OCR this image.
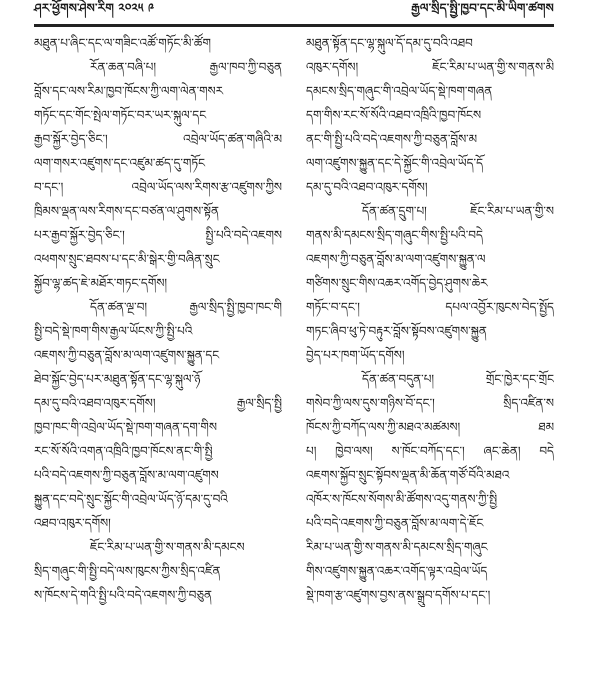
ཤར་ཕྱོགས་ཤེས་རིག ༢༠༢༥ ༩	རྒྱལ་སྲིད་སྤྱི་ཁྱབ་དང་མི་ཡིག་ཚགས
མཐུན་པ་ཞིང་དང་ལ་གཟིང་འཚོ་གཏོང་མི་ཚོག
རོན་ཆན་བཞི་པ། རྒྱལ་ཁབ་ཀྱི་བཅུན
བློས་དང་ལས་རིམ་ཁྱབ་ཁོངས་ཀྱི་ལག་ལེན་གསར
གཏོང་དང་གོང་སྤེལ་གཏོང་བར་ཡར་སྐུལ་དང
རྒྱབ་སྐྱོར་བྱེད་ཅིང་། འབྲེལ་ཡོད་ཚན་གཞིའི་མ
ལག་གསར་འཛུགས་དང་འཛུམ་ཚད་དུ་གཏོང
བ་དང་། འབྲེལ་ཡོད་ལས་རིགས་རྩ་འཛུགས་ཀྱིས
ཁྲིམས་ལྡན་ལས་རིགས་དང་བཙན་ལ་ཤུགས་སྟོན
པར་རྒྱབ་སྐྱོར་བྱེད་ཅིང་། སྤྱི་པའི་བདེ་འཇགས
འཕགས་སྲུང་ཐབས་པ་དང་མི་སྒེར་གྱི་བཞིན་སྲུང
སྐྱོབ་ལྷ་ཚད་ཇེ་མཐོར་གཏང་དགོས།
དོན་ཚན་ལྔ་བ། རྒྱལ་སྲིད་སྤྱི་ཁྱབ་ཁང་གི
སྤྱི་བདེ་སྡེ་ཁག་གིས་རྒྱལ་ཡོངས་ཀྱི་སྤྱི་པའི
འཇགས་ཀྱི་བཅུན་བློས་མ་ལག་འཛུགས་སྐྱུན་དང
ཐེབ་སྐྱོང་བྱེད་པར་མཐུན་སྟོན་དང་ལྷ་སྐུལ་ཉོ
དམ་དུ་བའི་འཐབ་འཁུར་དགོས། རྒྱལ་སྲིད་སྤྱི
ཁྱབ་ཁང་གི་འབྲེལ་ཡོད་སྡེ་ཁག་གཞན་དག་གིས
རང་སོ་སོའི་འགན་འཁྲིའི་ཁྱབ་ཁོངས་ནང་གི་སྤྱི
པའི་བདེ་འཇགས་ཀྱི་བཅུན་བློས་མ་ལག་འཛུགས
སྐྱུན་དང་བདེ་སྲུང་སྐྱོང་གི་འབྲེལ་ཡོད་ཉོ་དམ་དུ་བའི
འཐབ་འཁུར་དགོས།
ཇོང་རིམ་པ་ཡན་གྱི་ས་གནས་མི་དམངས
སྲིད་གཞུང་གི་སྤྱི་བདེ་ལས་ཁུངས་ཀྱིས་སྲིད་འཛིན
ས་ཁོངས་དེ་གའི་སྤྱི་པའི་བདེ་འཇགས་ཀྱི་བཅུན
མཐུན་སྟོན་དང་ལྷ་སྐུལ་དོ་དམ་དུ་བའི་འཐབ
འཁུར་དགོས། ཇོང་རིམ་པ་ཡན་གྱི་ས་གནས་མི
དམངས་སྲིད་གཞུང་གི་འབྲེལ་ཡོད་སྡེ་ཁག་གཞན
དག་གིས་རང་སོ་སོའི་འཐབ་འཁྲིའི་ཁྱབ་ཁོངས
ནང་གི་སྤྱི་པའི་བདེ་འཇགས་ཀྱི་བཅུན་བློས་མ
ལག་འཛུགས་སྐྱུན་དང་དེ་སྐྱོང་གི་འབྲེལ་ཡོད་དོ
དམ་དུ་བའི་འཐབ་འཁུར་དགོས།
དོན་ཚན་དྲུག་པ། ཇོང་རིམ་པ་ཡན་གྱི་ས
གནས་མི་དམངས་སྲིད་གཞུང་གིས་སྤྱི་པའི་བདེ
འཇགས་ཀྱི་བཅུན་བློས་མ་ལག་འཛུགས་སྐྱུན་ལ
གཙིགས་སྲུང་གིས་འཆར་འགོད་བྱེད་ཤུགས་ཆེར
གཏོང་བ་དང་། དཔལ་འབྱོར་ཁུངས་བེད་སྤྱོད
གཏང་ཞིབ་ཕུ་ཏེ་བརྟུར་བློས་སྟོབས་འཛུགས་སྐྱུན
བྱེད་པར་ཁག་ཡོད་དགོས།
དོན་ཚན་བདུན་པ། གྲོང་ཁྱེར་དང་གྲོང
གསེབ་ཀྱི་ལས་དུས་གཉིས་བོ་དང་། སྲིད་འཛིན་ས
ཁོངས་ཀྱི་བཀོད་ལས་ཀྱི་མཐའ་མཚམས། ཐམ
པ། ཁྱེབ་ལས། ས་ཁོང་བཀོད་དང་། ཞང་ཆེན། བདེ
འཇགས་སྐྱོབ་སྲུང་སྟོབས་ལྡན་མི་ཆོན་གཙོ་བོའི་མཐའ
འཁོར་ས་ཁོངས་སོགས་མི་ཚོགས་འདུ་གནས་ཀྱི་སྤྱི
པའི་བདེ་འཇགས་ཀྱི་བཅུན་བློས་མ་ལག་དེ་ཇོང
རིམ་པ་ཡན་གྱི་ས་གནས་མི་དམངས་སྲིད་གཞུང
གིས་འཛུགས་སྐྱུན་འཆར་འགོད་ལྟར་འབྲེལ་ཡོད
སྡེ་ཁག་རྩ་འཛུགས་བྱས་ནས་སྒྲུབ་དགོས་པ་དང་།
